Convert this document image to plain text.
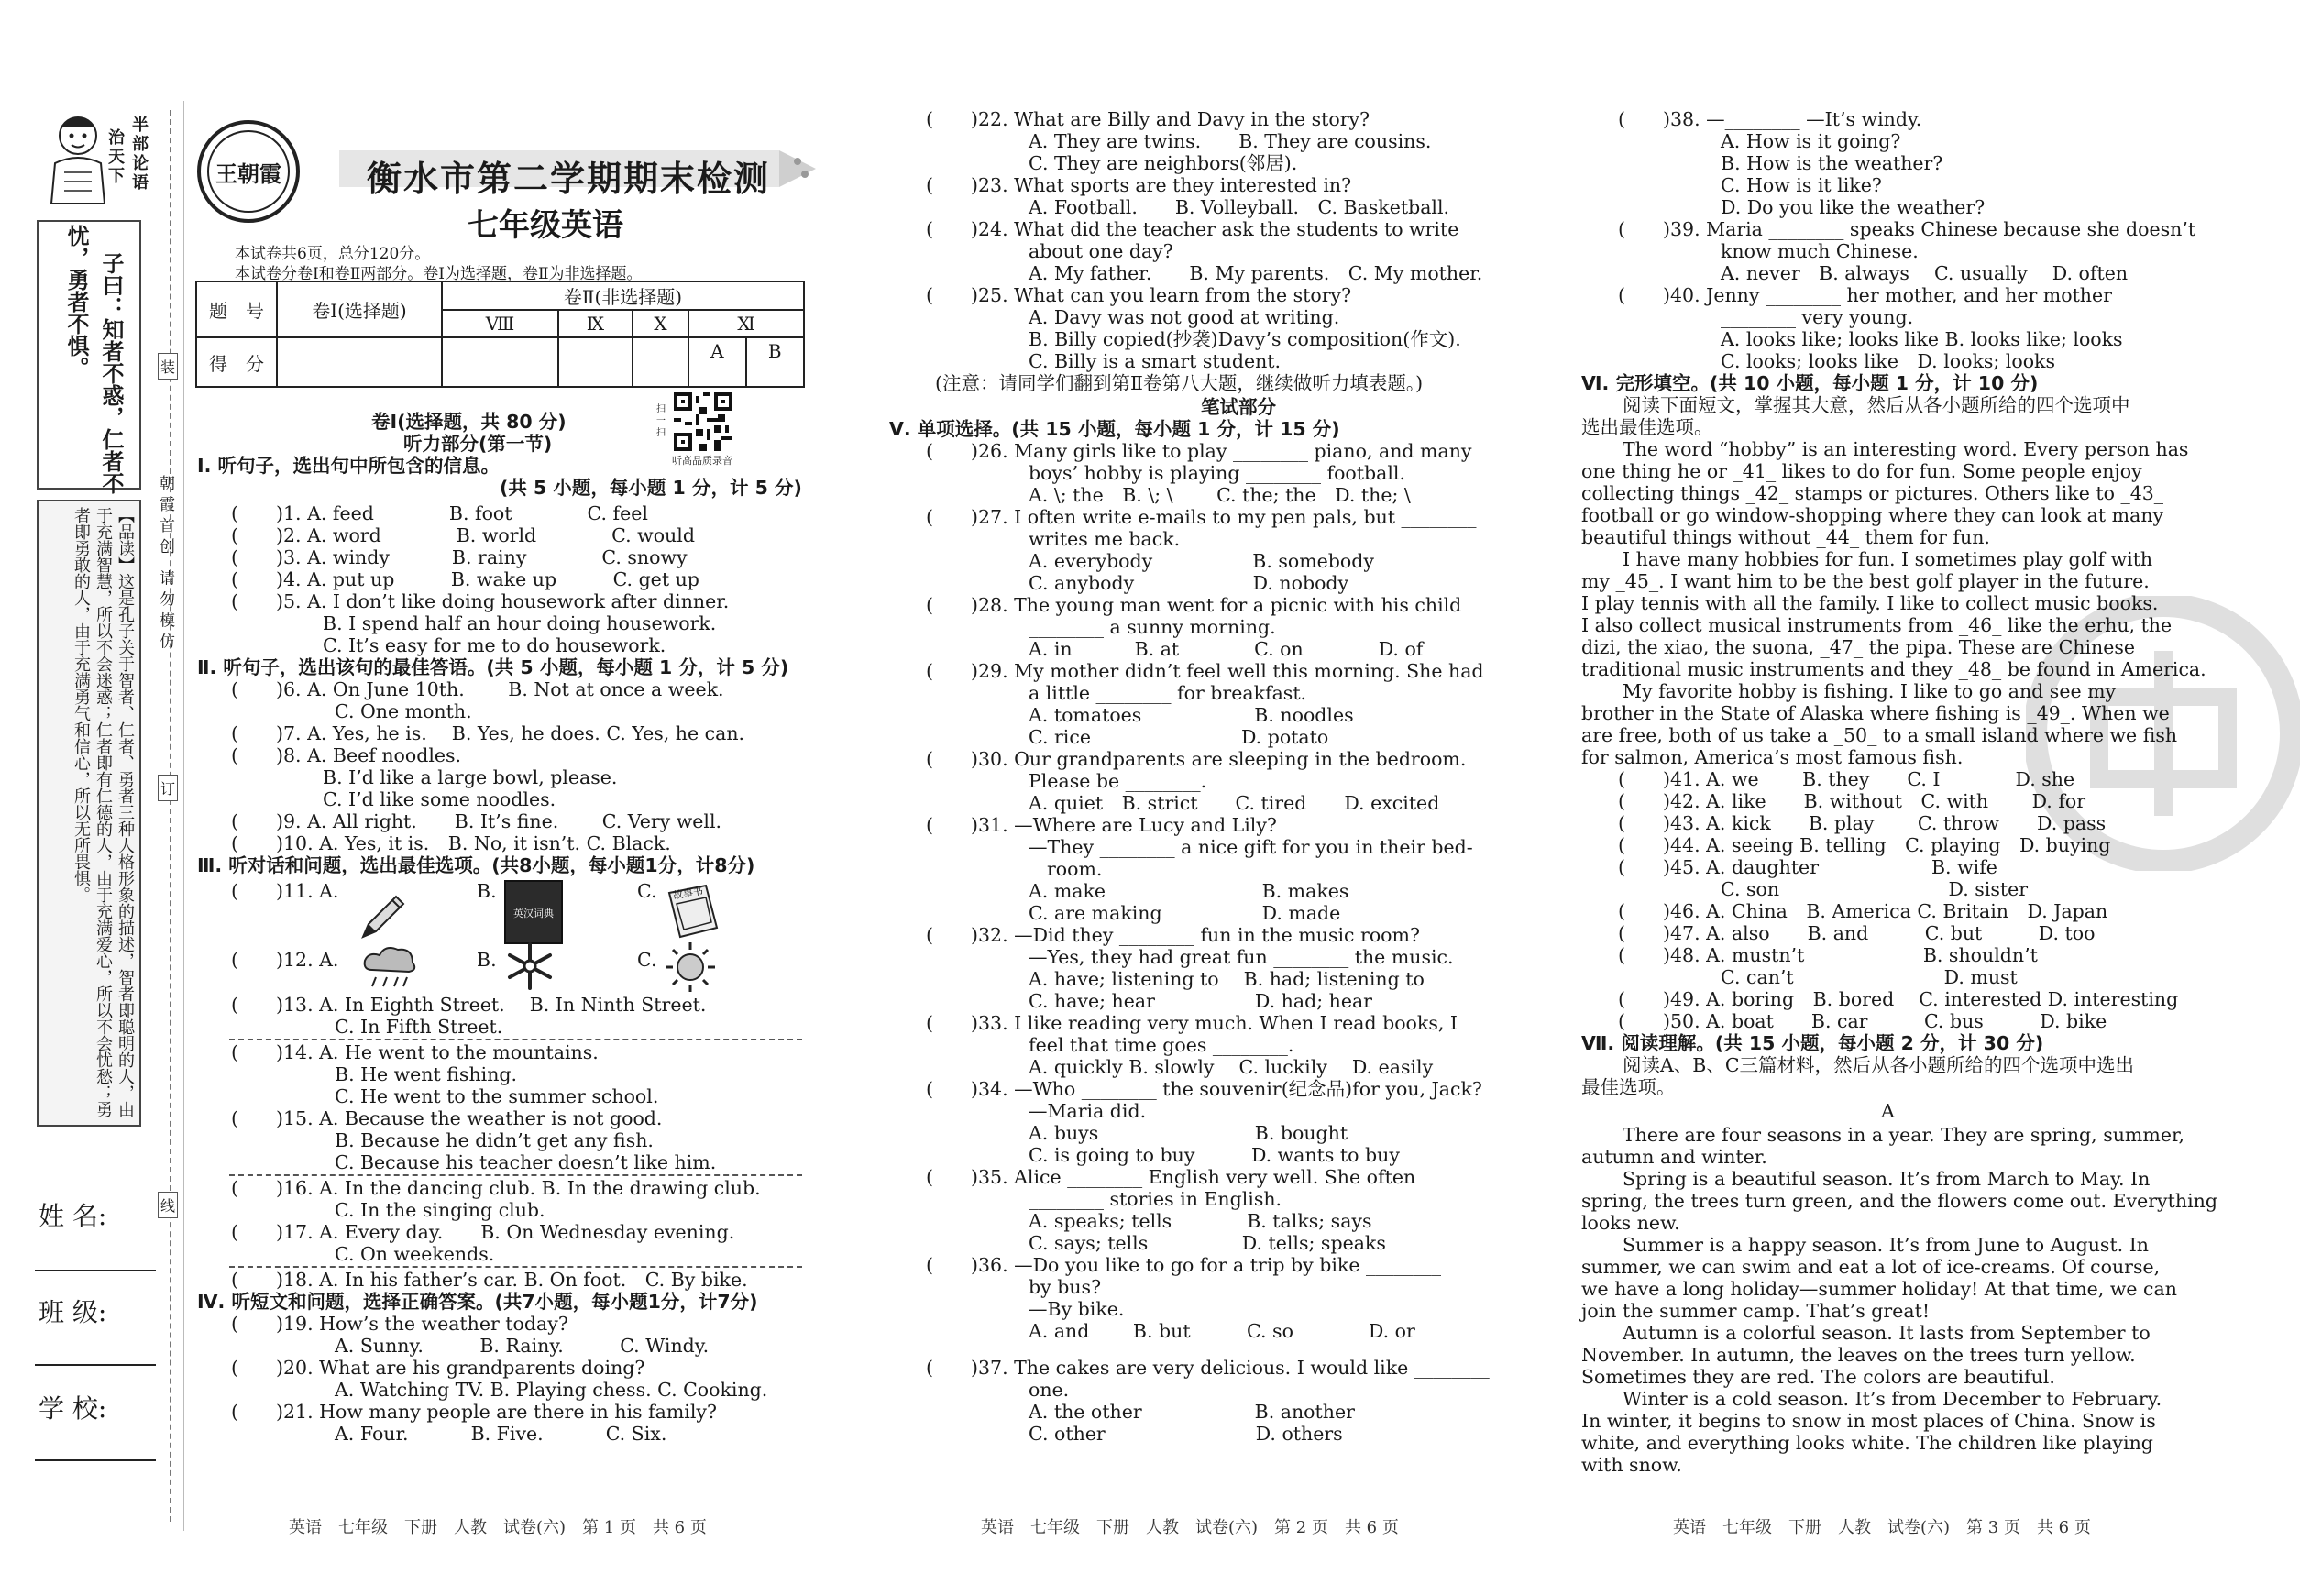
半部论语
治天下
子曰：知者不惑，仁者不
忧，勇者不惧。
【品读】这是孔子关于智者、仁者、勇者三种人格形象的描述，智者即聪明的人，由于充满智慧，所以不会迷惑；仁者即有仁德的人，由于充满爱心，所以不会忧愁；勇者即勇敢的人，由于充满勇气和信心，所以无所畏惧。	朝霞首创 请勿模仿
装
订
线
姓 名:
班 级:
学 校:
王朝霞 衡水市第二学期期末检测
七年级英语
本试卷共6页，总分120分。
本试卷分卷Ⅰ和卷Ⅱ两部分。卷Ⅰ为选择题，卷Ⅱ为非选择题。
题　号	卷Ⅰ(选择题)	卷Ⅱ(非选择题)				
		Ⅷ	Ⅸ	Ⅹ	Ⅺ	
得　分					A	B
扫一扫
听高品质录音
卷Ⅰ(选择题，共 80 分)
听力部分(第一节)
Ⅰ. 听句子，选出句中所包含的信息。
(共 5 小题，每小题 1 分，计 5 分)
(　　)1. A. feed　　　　B. foot　　　　C. feel
(　　)2. A. word　　　　B. world　　　　C. would
(　　)3. A. windy　　　 B. rainy　　　　C. snowy
(　　)4. A. put up　　　B. wake up　　　C. get up
(　　)5. A. I don’t like doing housework after dinner.
B. I spend half an hour doing housework.
C. It’s easy for me to do housework.
Ⅱ. 听句子，选出该句的最佳答语。(共 5 小题，每小题 1 分，计 5 分)
(　　)6. A. On June 10th.　　 B. Not at once a week.
C. One month.
(　　)7. A. Yes, he is.　 B. Yes, he does. C. Yes, he can.
(　　)8. A. Beef noodles.
B. I’d like a large bowl, please.
C. I’d like some noodles.
(　　)9. A. All right.　　B. It’s fine.　　 C. Very well.
(　　)10. A. Yes, it is.　B. No, it isn’t. C. Black.
Ⅲ. 听对话和问题，选出最佳选项。(共8小题，每小题1分，计8分)
(　　)11. A.	B.	C.
(　　)12. A.	B.	C.
(　　)13. A. In Eighth Street.　 B. In Ninth Street.
C. In Fifth Street.
(　　)14. A. He went to the mountains.
B. He went fishing.
C. He went to the summer school.
(　　)15. A. Because the weather is not good.
B. Because he didn’t get any fish.
C. Because his teacher doesn’t like him.
(　　)16. A. In the dancing club. B. In the drawing club.
C. In the singing club.
(　　)17. A. Every day.　　B. On Wednesday evening.
C. On weekends.
(　　)18. A. In his father’s car. B. On foot.　C. By bike.
Ⅳ. 听短文和问题，选择正确答案。(共7小题，每小题1分，计7分)
(　　)19. How’s the weather today?
A. Sunny.　　　B. Rainy.　　　C. Windy.
(　　)20. What are his grandparents doing?
A. Watching TV. B. Playing chess. C. Cooking.
(　　)21. How many people are there in his family?
A. Four.　　　 B. Five.　　　 C. Six.
(　　)22. What are Billy and Davy in the story?
A. They are twins.　　B. They are cousins.
C. They are neighbors(邻居).
(　　)23. What sports are they interested in?
A. Football.　　B. Volleyball.　C. Basketball.
(　　)24. What did the teacher ask the students to write
about one day?
A. My father.　　B. My parents.　C. My mother.
(　　)25. What can you learn from the story?
A. Davy was not good at writing.
B. Billy copied(抄袭)Davy’s composition(作文).
C. Billy is a smart student.
(注意：请同学们翻到第Ⅱ卷第八大题，继续做听力填表题。)
笔试部分
Ⅴ. 单项选择。(共 15 小题，每小题 1 分，计 15 分)
(　　)26. Many girls like to play ________ piano, and many
boys’ hobby is playing ________ football.
A. \; the　B. \; \　　 C. the; the　D. the; \
(　　)27. I often write e-mails to my pen pals, but ________
writes me back.
A. everybody　　　　　 B. somebody
C. anybody　　　　　　 D. nobody
(　　)28. The young man went for a picnic with his child
________ a sunny morning.
A. in　　　 B. at　　　　C. on　　　　D. of
(　　)29. My mother didn’t feel well this morning. She had
a little ________ for breakfast.
A. tomatoes　　　　　　B. noodles
C. rice　　　　　　　　D. potato
(　　)30. Our grandparents are sleeping in the bedroom.
Please be ________.
A. quiet　B. strict　　C. tired　　D. excited
(　　)31. —Where are Lucy and Lily?
—They ________ a nice gift for you in their bed-
room.
A. make　　　　　　　　 B. makes
C. are making　　　　　 D. made
(　　)32. —Did they ________ fun in the music room?
—Yes, they had great fun ________ the music.
A. have; listening to　 B. had; listening to
C. have; hear　　　　　 D. had; hear
(　　)33. I like reading very much. When I read books, I
feel that time goes ________.
A. quickly B. slowly　 C. luckily　 D. easily
(　　)34. —Who ________ the souvenir(纪念品)for you, Jack?
—Maria did.
A. buys　　　　　　　　 B. bought
C. is going to buy　　　D. wants to buy
(　　)35. Alice ________ English very well. She often
________ stories in English.
A. speaks; tells　　　　B. talks; says
C. says; tells　　　　　D. tells; speaks
(　　)36. —Do you like to go for a trip by bike ________
by bus?
—By bike.
A. and　　 B. but　　　C. so　　　　D. or
(　　)37. The cakes are very delicious. I would like ________
one.
A. the other　　　　　　B. another
C. other　　　　　　　　D. others
(　　)38. —________ —It’s windy.
A. How is it going?
B. How is the weather?
C. How is it like?
D. Do you like the weather?
(　　)39. Maria ________ speaks Chinese because she doesn’t
know much Chinese.
A. never　B. always　 C. usually　 D. often
(　　)40. Jenny ________ her mother, and her mother
________ very young.
A. looks like; looks like B. looks like; looks
C. looks; looks like　D. looks; looks
Ⅵ. 完形填空。(共 10 小题，每小题 1 分，计 10 分)
阅读下面短文，掌握其大意，然后从各小题所给的四个选项中
选出最佳选项。
The word “hobby” is an interesting word. Every person has
one thing he or _41_ likes to do for fun. Some people enjoy
collecting things _42_ stamps or pictures. Others like to _43_
football or go window-shopping where they can look at many
beautiful things without _44_ them for fun.
I have many hobbies for fun. I sometimes play golf with
my _45_. I want him to be the best golf player in the future.
I play tennis with all the family. I like to collect music books.
I also collect musical instruments from _46_ like the erhu, the
dizi, the xiao, the suona, _47_ the pipa. These are Chinese
traditional music instruments and they _48_ be found in America.
My favorite hobby is fishing. I like to go and see my
brother in the State of Alaska where fishing is _49_. When we
are free, both of us take a _50_ to a small island where we fish
for salmon, America’s most famous fish.
(　　)41. A. we　　 B. they　　C. I　　　　D. she
(　　)42. A. like　　B. without　C. with　　 D. for
(　　)43. A. kick　　B. play　　 C. throw　　D. pass
(　　)44. A. seeing B. telling　C. playing　D. buying
(　　)45. A. daughter　　　　　　B. wife
C. son　　　　　　　　　D. sister
(　　)46. A. China　B. America C. Britain　D. Japan
(　　)47. A. also　　B. and　　　C. but　　　D. too
(　　)48. A. mustn’t　　　　　　 B. shouldn’t
C. can’t　　　　　　　　D. must
(　　)49. A. boring　B. bored　 C. interested D. interesting
(　　)50. A. boat　　B. car　　　C. bus　　　D. bike
Ⅶ. 阅读理解。(共 15 小题，每小题 2 分，计 30 分)
阅读A、B、C三篇材料，然后从各小题所给的四个选项中选出
最佳选项。
A
There are four seasons in a year. They are spring, summer,
autumn and winter.
Spring is a beautiful season. It’s from March to May. In
spring, the trees turn green, and the flowers come out. Everything
looks new.
Summer is a happy season. It’s from June to August. In
summer, we can swim and eat a lot of ice-creams. Of course,
we have a long holiday—summer holiday! At that time, we can
join the summer camp. That’s great!
Autumn is a colorful season. It lasts from September to
November. In autumn, the leaves on the trees turn yellow.
Sometimes they are red. The colors are beautiful.
Winter is a cold season. It’s from December to February.
In winter, it begins to snow in most places of China. Snow is
white, and everything looks white. The children like playing
with snow.
英汉词典
故事书
英语　七年级　下册　人教　试卷(六)　第 1 页　共 6 页	英语　七年级　下册　人教　试卷(六)　第 2 页　共 6 页	英语　七年级　下册　人教　试卷(六)　第 3 页　共 6 页
